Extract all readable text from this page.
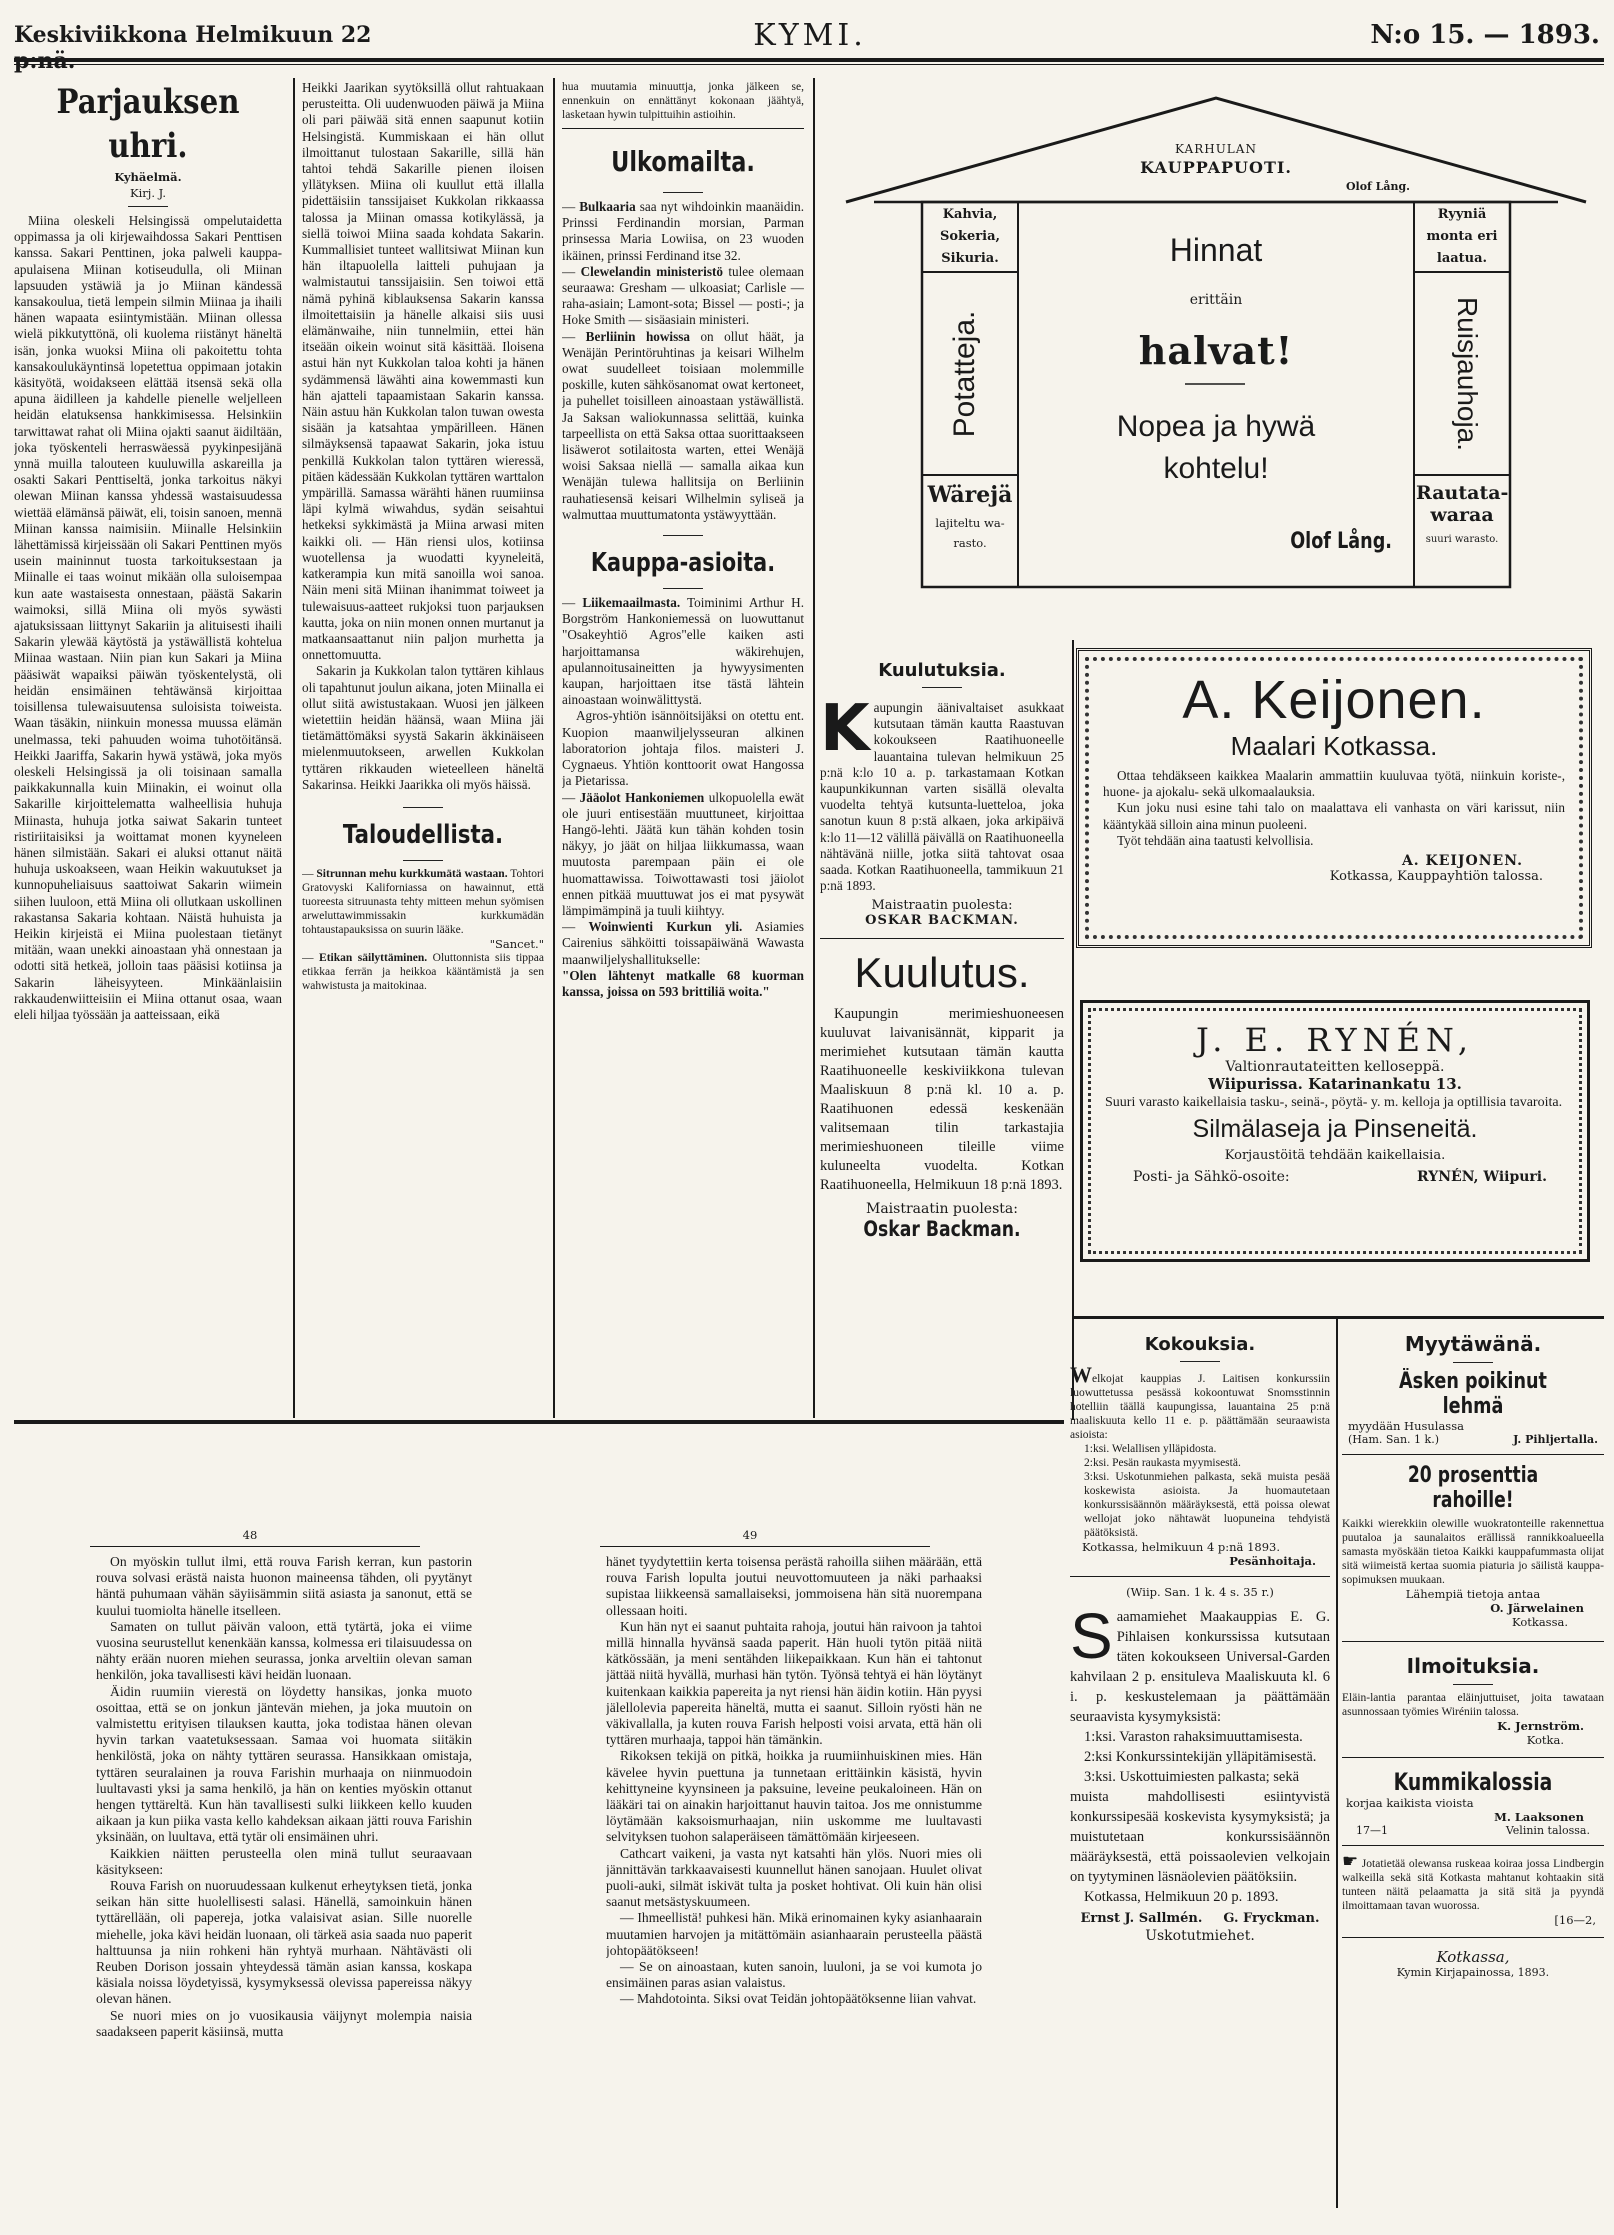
Keskiviikkona Helmikuun 22	KYMI.	N:o 15. — 1893.
Parjauksen uhri.
Kyhäelmä.
Kirj. J.

Miina oleskeli Helsingissä ompelutaidetta oppimassa ja oli kirjewaihdossa Sakari Penttisen kanssa. Sakari Penttinen, joka palweli kauppa-apulaisena Miinan kotiseudulla, oli Miinan lapsuuden ystäwiä ja jo Miinan kändessä kansakoulua, tietä lempein silmin Miinaa ja ihaili hänen wapaata esiintymistään. Miinan ollessa wielä pikkutyttönä, oli kuolema riistänyt häneltä isän, jonka wuoksi Miina oli pakoitettu tohta kansakoulukäyntinsä lopetettua oppimaan jotakin käsityötä, woidakseen elättää itsensä sekä olla apuna äidilleen ja kahdelle pienelle weljelleen heidän elatuksensa hankkimisessa. Helsinkiin tarwittawat rahat oli Miina ojakti saanut äidiltään, joka työskenteli herraswäessä pyykinpesijänä ynnä muilla talouteen kuuluwilla askareilla ja osakti Sakari Penttiseltä, jonka tarkoitus näkyi olewan Miinan kanssa yhdessä wastaisuudessa wiettää elämänsä päiwät, eli, toisin sanoen, mennä Miinan kanssa naimisiin. Miinalle Helsinkiin lähettämissä kirjeissään oli Sakari Penttinen myös usein maininnut tuosta tarkoituksestaan ja Miinalle ei taas woinut mikään olla suloisempaa kun aate wastaisesta onnestaan, päästä Sakarin waimoksi, sillä Miina oli myös sywästi ajatuksissaan liittynyt Sakariin ja alituisesti ihaili Sakarin ylewää käytöstä ja ystäwällistä kohtelua Miinaa wastaan. Niin pian kun Sakari ja Miina pääsiwät wapaiksi päiwän työskentelystä, oli heidän ensimäinen tehtäwänsä kirjoittaa toisillensa tulewaisuutensa suloisista toiweista. Waan täsäkin, niinkuin monessa muussa elämän unelmassa, teki pahuuden woima tuhotöitänsä. Heikki Jaariffa, Sakarin hywä ystäwä, joka myös oleskeli Helsingissä ja oli toisinaan samalla paikkakunnalla kuin Miinakin, ei woinut olla Sakarille kirjoittelematta walheellisia huhuja Miinasta, huhuja jotka saiwat Sakarin tunteet ristiriitaisiksi ja woittamat monen kyyneleen hänen silmistään. Sakari ei aluksi ottanut näitä huhuja uskoakseen, waan Heikin wakuutukset ja kunnopuheliaisuus saattoiwat Sakarin wiimein siihen luuloon, että Miina oli ollutkaan uskollinen rakastansa Sakaria kohtaan. Näistä huhuista ja Heikin kirjeistä ei Miina puolestaan tietänyt mitään, waan unekki ainoastaan yhä onnestaan ja odotti sitä hetkeä, jolloin taas pääsisi kotiinsa ja Sakarin läheisyyteen. Minkäänlaisiin rakkaudenwiitteisiin ei Miina ottanut osaa, waan eleli hiljaa työssään ja aatteissaan, eikä

Heikki Jaarikan syytöksillä ollut rahtuakaan perusteitta. Oli uudenwuoden päiwä ja Miina oli pari päiwää sitä ennen saapunut kotiin Helsingistä. Kummiskaan ei hän ollut ilmoittanut tulostaan Sakarille, sillä hän tahtoi tehdä Sakarille pienen iloisen yllätyksen. Miina oli kuullut että illalla pidettäisiin tanssijaiset Kukkolan rikkaassa talossa ja Miinan omassa kotikylässä, ja siellä toiwoi Miina saada kohdata Sakarin. Kummallisiet tunteet wallitsiwat Miinan kun hän iltapuolella laitteli puhujaan ja walmistautui tanssijaisiin. Sen toiwoi että nämä pyhinä kiblauksensa Sakarin kanssa ilmoitettaisiin ja hänelle alkaisi siis uusi elämänwaihe, niin tunnelmiin, ettei hän itseään oikein woinut sitä käsittää. Iloisena astui hän nyt Kukkolan taloa kohti ja hänen sydämmensä läwähti aina kowemmasti kun hän ajatteli tapaamistaan Sakarin kanssa. Näin astuu hän Kukkolan talon tuwan owesta sisään ja katsahtaa ympärilleen. Hänen silmäyksensä tapaawat Sakarin, joka istuu penkillä Kukkolan talon tyttären wieressä, pitäen kädessään Kukkolan tyttären warttalon ympärillä. Samassa wärähti hänen ruumiinsa läpi kylmä wiwahdus, sydän seisahtui hetkeksi sykkimästä ja Miina arwasi miten kaikki oli. — Hän riensi ulos, kotiinsa wuotellensa ja wuodatti kyyneleitä, katkerampia kun mitä sanoilla woi sanoa. Näin meni sitä Miinan ihanimmat toiweet ja tulewaisuus-aatteet rukjoksi tuon parjauksen kautta, joka on niin monen onnen murtanut ja matkaansaattanut niin paljon murhetta ja onnettomuutta.

Sakarin ja Kukkolan talon tyttären kihlaus oli tapahtunut joulun aikana, joten Miinalla ei ollut siitä awistustakaan. Wuosi jen jälkeen wietettiin heidän häänsä, waan Miina jäi tietämättömäksi syystä Sakarin äkkinäiseen mielenmuutokseen, arwellen Kukkolan tyttären rikkauden wieteelleen häneltä Sakarinsa. Heikki Jaarikka oli myös häissä.

Taloudellista.

— Sitrunnan mehu kurkkumätä wastaan. Tohtori Gratovyski Kaliforniassa on hawainnut, että tuoreesta sitruunasta tehty mitteen mehun syömisen arweluttawimmissakin kurkkumädän tohtaustapauksissa on suurin lääke.

"Sancet."

— Etikan säilyttäminen. Oluttonnista siis tippaa etikkaa ferrän ja heikkoa kääntämistä ja sen wahwistusta ja maitokinaa.

hua muutamia minuuttja, jonka jälkeen se, ennenkuin on ennättänyt kokonaan jäähtyä, lasketaan hywin tulpittuihin astioihin.

Ulkomailta.

— Bulkaaria saa nyt wihdoinkin maanäidin. Prinssi Ferdinandin morsian, Parman prinsessa Maria Lowiisa, on 23 wuoden ikäinen, prinssi Ferdinand itse 32.

— Clewelandin ministeristö tulee olemaan seuraawa: Gresham — ulkoasiat; Carlisle — raha-asiain; Lamont-sota; Bissel — posti-; ja Hoke Smith — sisäasiain ministeri.

— Berliinin howissa on ollut häät, ja Wenäjän Perintöruhtinas ja keisari Wilhelm owat suudelleet toisiaan molemmille poskille, kuten sähkösanomat owat kertoneet, ja puhellet toisilleen ainoastaan ystäwällistä. Ja Saksan waliokunnassa selittää, kuinka tarpeellista on että Saksa ottaa suorittaakseen lisäwerot sotilaitosta warten, ettei Wenäjä woisi Saksaa niellä — samalla aikaa kun Wenäjän tulewa hallitsija on Berliinin rauhatiesensä keisari Wilhelmin syliseä ja walmuttaa muuttumatonta ystäwyyttään.

Kauppa-asioita.

— Liikemaailmasta. Toiminimi Arthur H. Borgström Hankoniemessä on luowuttanut "Osakeyhtiö Agros"elle kaiken asti harjoittamansa wäkirehujen, apulannoitusaineitten ja hywyysimenten kaupan, harjoittaen itse tästä lähtein ainoastaan woinwälittystä.

Agros-yhtiön isännöitsijäksi on otettu ent. Kuopion maanwiljelysseuran alkinen laboratorion johtaja filos. maisteri J. Cygnaeus. Yhtiön konttoorit owat Hangossa ja Pietarissa.

— Jääolot Hankoniemen ulkopuolella ewät ole juuri entisestään muuttuneet, kirjoittaa Hangö-lehti. Jäätä kun tähän kohden tosin näkyy, jo jäät on hiljaa liikkumassa, waan muutosta parempaan päin ei ole huomattawissa. Toiwottawasti tosi jäiolot ennen pitkää muuttuwat jos ei mat pysywät lämpimämpinä ja tuuli kiihtyy.

— Woinwienti Kurkun yli. Asiamies Cairenius sähköitti toissapäiwänä Wawasta maanwiljelyshallitukselle:

"Olen lähtenyt matkalle 68 kuorman kanssa, joissa on 593 brittiliä woita."

KARHULAN
KAUPPAPUOTI.
Olof Lång.
Kahvia,
Sokeria,
Sikuria.
Ryyniä
monta eri
laatua.
Potatteja.	Ruisjauhoja.
Hinnat
erittäin
halvat!
Nopea ja hywä
kohtelu!
Olof Lång.
Wärejä
lajiteltu wa-
rasto.
Rautata-
waraa
suuri warasto.
Kuulutuksia.
K aupungin äänivaltaiset asukkaat kutsutaan tämän kautta Raastuvan kokoukseen Raatihuoneelle lauantaina tulevan helmikuun 25 p:nä k:lo 10 a. p. tarkastamaan Kotkan kaupunkikunnan varten sisällä olevalta vuodelta tehtyä kutsunta-luetteloa, joka sanotun kuun 8 p:stä alkaen, joka arkipäivä k:lo 11—12 välillä päivällä on Raatihuoneella nähtävänä niille, jotka siitä tahtovat osaa saada. Kotkan Raatihuoneella, tammikuun 21 p:nä 1893.
Maistraatin puolesta:
OSKAR BACKMAN.
Kuulutus.

Kaupungin merimieshuoneesen kuuluvat laivanisännät, kipparit ja merimiehet kutsutaan tämän kautta Raatihuoneelle keskiviikkona tulevan Maaliskuun 8 p:nä kl. 10 a. p. Raatihuonen edessä keskenään valitsemaan tilin tarkastajia merimieshuoneen tileille viime kuluneelta vuodelta. Kotkan Raatihuoneella, Helmikuun 18 p:nä 1893.

Maistraatin puolesta:
Oskar Backman.
A. Keijonen.
Maalari Kotkassa.

Ottaa tehdäkseen kaikkea Maalarin ammattiin kuuluvaa työtä, niinkuin koriste-, huone- ja ajokalu- sekä ulkomaalauksia.

Kun joku nusi esine tahi talo on maalattava eli vanhasta on väri karissut, niin kääntykää silloin aina minun puoleeni.

Työt tehdään aina taatusti kelvollisia.

A. KEIJONEN.
Kotkassa, Kauppayhtiön talossa.
J. E. RYNÉN,
Valtionrautateitten kelloseppä.
Wiipurissa. Katarinankatu 13.

Suuri varasto kaikellaisia tasku-, seinä-, pöytä- y. m. kelloja ja optillisia tavaroita.

Silmälaseja ja Pinseneitä.
Korjaustöitä tehdään kaikellaisia.
Posti- ja Sähkö-osoite:	RYNÉN, Wiipuri.
Kokouksia.

Welkojat kauppias J. Laitisen konkurssiin luowuttetussa pesässä kokoontuwat Snomsstinnin hotelliin täällä kaupungissa, lauantaina 25 p:nä maaliskuuta kello 11 e. p. päättämään seuraawista asioista:

1:ksi. Welallisen ylläpidosta.

2:ksi. Pesän raukasta myymisestä.

3:ksi. Uskotunmiehen palkasta, sekä muista pesää koskewista asioista. Ja huomautetaan konkurssisäännön määräyksestä, että poissa olewat wellojat joko nähtawät luopuneina tehdyistä päätöksistä.

Kotkassa, helmikuun 4 p:nä 1893.
Pesänhoitaja.
(Wiip. San. 1 k. 4 s. 35 r.)
S aamamiehet Maakauppias E. G. Pihlaisen konkurssissa kutsutaan täten kokoukseen Universal-Garden kahvilaan 2 p. ensituleva Maaliskuuta kl. 6 i. p. keskustelemaan ja päättämään seuraavista kysymyksistä:

1:ksi. Varaston rahaksimuuttamisesta.

2:ksi Konkurssintekijän ylläpitämisestä.

3:ksi. Uskottuimiesten palkasta; sekä

muista mahdollisesti esiintyvistä konkurssipesää koskevista kysymyksistä; ja muistutetaan konkurssisäännön määräyksestä, että poissaolevien velkojain on tyytyminen läsnäolevien päätöksiin.

Kotkassa, Helmikuun 20 p. 1893.

Ernst J. Sallmén. G. Fryckman.
Uskotutmiehet.
Myytäwänä.
Äsken poikinut lehmä
myydään Husulassa
(Ham. San. 1 k.)	J. Pihljertalla.
20 prosenttia rahoille!

Kaikki wierekkiin olewille wuokratonteille rakennettua puutaloa ja saunalaitos erällissä rannikkoalueella samasta myöskään tietoa Kaikki kauppafummasta olijat sitä wiimeistä kertaa suomia piaturia jo säilistä kauppa-sopimuksen muukaan.

Lähempiä tietoja antaa
O. Järwelainen
Kotkassa.
Ilmoituksia.

Eläin-lantia parantaa eläinjuttuiset, joita tawataan asunnossaan työmies Wiréniin talossa.

K. Jernström.
Kotka.
Kummikalossia
korjaa kaikista vioista
M. Laaksonen
17—1	Velinin talossa.

☛ Jotatietää olewansa ruskeaa koiraa jossa Lindbergin walkeilla sekä sitä Kotkasta mahtanut kohtaakin sitä tunteen näitä pelaamatta ja sitä sitä ja pyyndä ilmoittamaan tavan wuorossa.

[16—2,
Kotkassa,
Kymin Kirjapainossa, 1893.
48	49

On myöskin tullut ilmi, että rouva Farish kerran, kun pastorin rouva solvasi erästä naista huonon maineensa tähden, oli pyytänyt häntä puhumaan vähän säyiisämmin siitä asiasta ja sanonut, että se kuului tuomiolta hänelle itselleen.

Samaten on tullut päivän valoon, että tytärtä, joka ei viime vuosina seurustellut kenenkään kanssa, kolmessa eri tilaisuudessa on nähty erään nuoren miehen seurassa, jonka arveltiin olevan saman henkilön, joka tavallisesti kävi heidän luonaan.

Äidin ruumiin vierestä on löydetty hansikas, jonka muoto osoittaa, että se on jonkun jäntevän miehen, ja joka muutoin on valmistettu erityisen tilauksen kautta, joka todistaa hänen olevan hyvin tarkan vaatetuksessaan. Samaa voi huomata siitäkin henkilöstä, joka on nähty tyttären seurassa. Hansikkaan omistaja, tyttären seuralainen ja rouva Farishin murhaaja on niinmuodoin luultavasti yksi ja sama henkilö, ja hän on kenties myöskin ottanut hengen tyttäreltä. Kun hän tavallisesti sulki liikkeen kello kuuden aikaan ja kun piika vasta kello kahdeksan aikaan jätti rouva Farishin yksinään, on luultava, että tytär oli ensimäinen uhri.

Kaikkien näitten perusteella olen minä tullut seuraavaan käsitykseen:

Rouva Farish on nuoruudessaan kulkenut erheytyksen tietä, jonka seikan hän sitte huolellisesti salasi. Hänellä, samoinkuin hänen tyttärellään, oli papereja, jotka valaisivat asian. Sille nuorelle miehelle, joka kävi heidän luonaan, oli tärkeä asia saada nuo paperit halttuunsa ja niin rohkeni hän ryhtyä murhaan. Nähtävästi oli Reuben Dorison jossain yhteydessä tämän asian kanssa, koskapa käsiala noissa löydetyissä, kysymyksessä olevissa papereissa näkyy olevan hänen.

Se nuori mies on jo vuosikausia väijynyt molempia naisia saadakseen paperit käsiinsä, mutta

hänet tyydytettiin kerta toisensa perästä rahoilla siihen määrään, että rouva Farish lopulta joutui neuvottomuuteen ja näki parhaaksi supistaa liikkeensä samallaiseksi, jommoisena hän sitä nuorempana ollessaan hoiti.

Kun hän nyt ei saanut puhtaita rahoja, joutui hän raivoon ja tahtoi millä hinnalla hyvänsä saada paperit. Hän huoli tytön pitää niitä kätkössään, ja meni sentähden liikepaikkaan. Kun hän ei tahtonut jättää niitä hyvällä, murhasi hän tytön. Työnsä tehtyä ei hän löytänyt kuitenkaan kaikkia papereita ja nyt riensi hän äidin kotiin. Hän pyysi jälellolevia papereita häneltä, mutta ei saanut. Silloin ryösti hän ne väkivallalla, ja kuten rouva Farish helposti voisi arvata, että hän oli tyttären murhaaja, tappoi hän tämänkin.

Rikoksen tekijä on pitkä, hoikka ja ruumiinhuiskinen mies. Hän kävelee hyvin puettuna ja tunnetaan erittäinkin käsistä, hyvin kehittyneine kyynsineen ja paksuine, leveine peukaloineen. Hän on lääkäri tai on ainakin harjoittanut hauvin taitoa. Jos me onnistumme löytämään kaksoismurhaajan, niin uskomme me luultavasti selvityksen tuohon salaperäiseen tämättömään kirjeeseen.

Cathcart vaikeni, ja vasta nyt katsahti hän ylös. Nuori mies oli jännittävän tarkkaavaisesti kuunnellut hänen sanojaan. Huulet olivat puoli-auki, silmät iskivät tulta ja posket hohtivat. Oli kuin hän olisi saanut metsästyskuumeen.

— Ihmeellistä! puhkesi hän. Mikä erinomainen kyky asianhaarain muutamien harvojen ja mitättömäin asianhaarain perusteella päästä johtopäätökseen!

— Se on ainoastaan, kuten sanoin, luuloni, ja se voi kumota jo ensimäinen paras asian valaistus.

— Mahdotointa. Siksi ovat Teidän johtopäätöksenne liian vahvat.
